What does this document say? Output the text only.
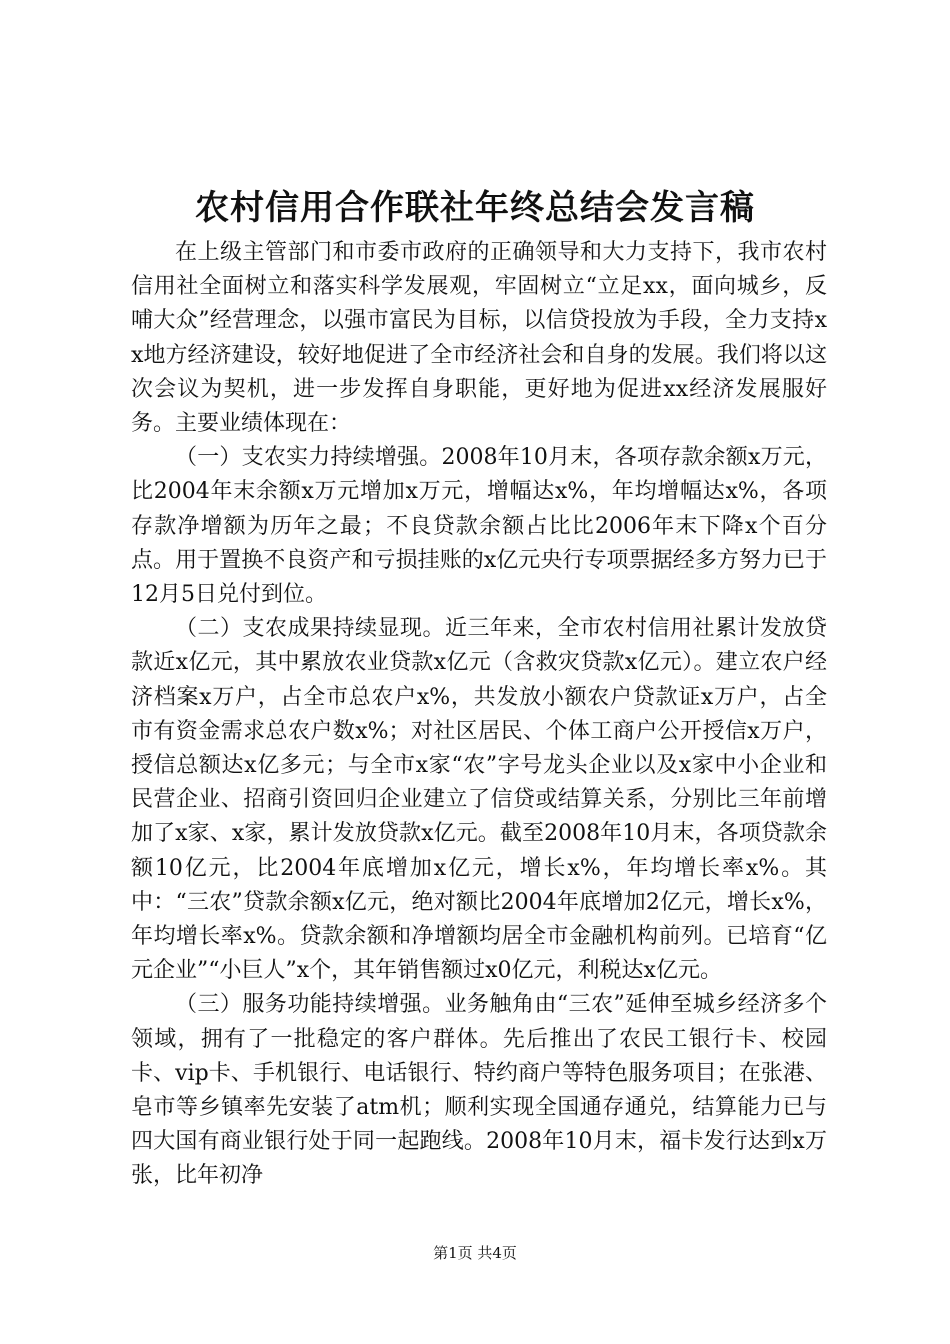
农村信用合作联社年终总结会发言稿

在上级主管部门和市委市政府的正确领导和大力支持下，我市农村信用社全面树立和落实科学发展观，牢固树立“立足xx，面向城乡，反哺大众”经营理念，以强市富民为目标，以信贷投放为手段，全力支持xx地方经济建设，较好地促进了全市经济社会和自身的发展。我们将以这次会议为契机，进一步发挥自身职能，更好地为促进xx经济发展服好务。主要业绩体现在：

（一）支农实力持续增强。2008年10月末，各项存款余额x万元，比2004年末余额x万元增加x万元，增幅达x%，年均增幅达x%，各项存款净增额为历年之最；不良贷款余额占比比2006年末下降x个百分点。用于置换不良资产和亏损挂账的x亿元央行专项票据经多方努力已于12月5日兑付到位。

（二）支农成果持续显现。近三年来，全市农村信用社累计发放贷款近x亿元，其中累放农业贷款x亿元（含救灾贷款x亿元）。建立农户经济档案x万户，占全市总农户x%，共发放小额农户贷款证x万户，占全市有资金需求总农户数x%；对社区居民、个体工商户公开授信x万户，授信总额达x亿多元；与全市x家“农”字号龙头企业以及x家中小企业和民营企业、招商引资回归企业建立了信贷或结算关系，分别比三年前增加了x家、x家，累计发放贷款x亿元。截至2008年10月末，各项贷款余额10亿元，比2004年底增加x亿元，增长x%，年均增长率x%。其中：“三农”贷款余额x亿元，绝对额比2004年底增加2亿元，增长x%，年均增长率x%。贷款余额和净增额均居全市金融机构前列。已培育“亿元企业”“小巨人”x个，其年销售额过x0亿元，利税达x亿元。

（三）服务功能持续增强。业务触角由“三农”延伸至城乡经济多个领域，拥有了一批稳定的客户群体。先后推出了农民工银行卡、校园卡、vip卡、手机银行、电话银行、特约商户等特色服务项目；在张港、皂市等乡镇率先安装了atm机；顺利实现全国通存通兑，结算能力已与四大国有商业银行处于同一起跑线。2008年10月末，福卡发行达到x万张，比年初净

第1页 共4页
